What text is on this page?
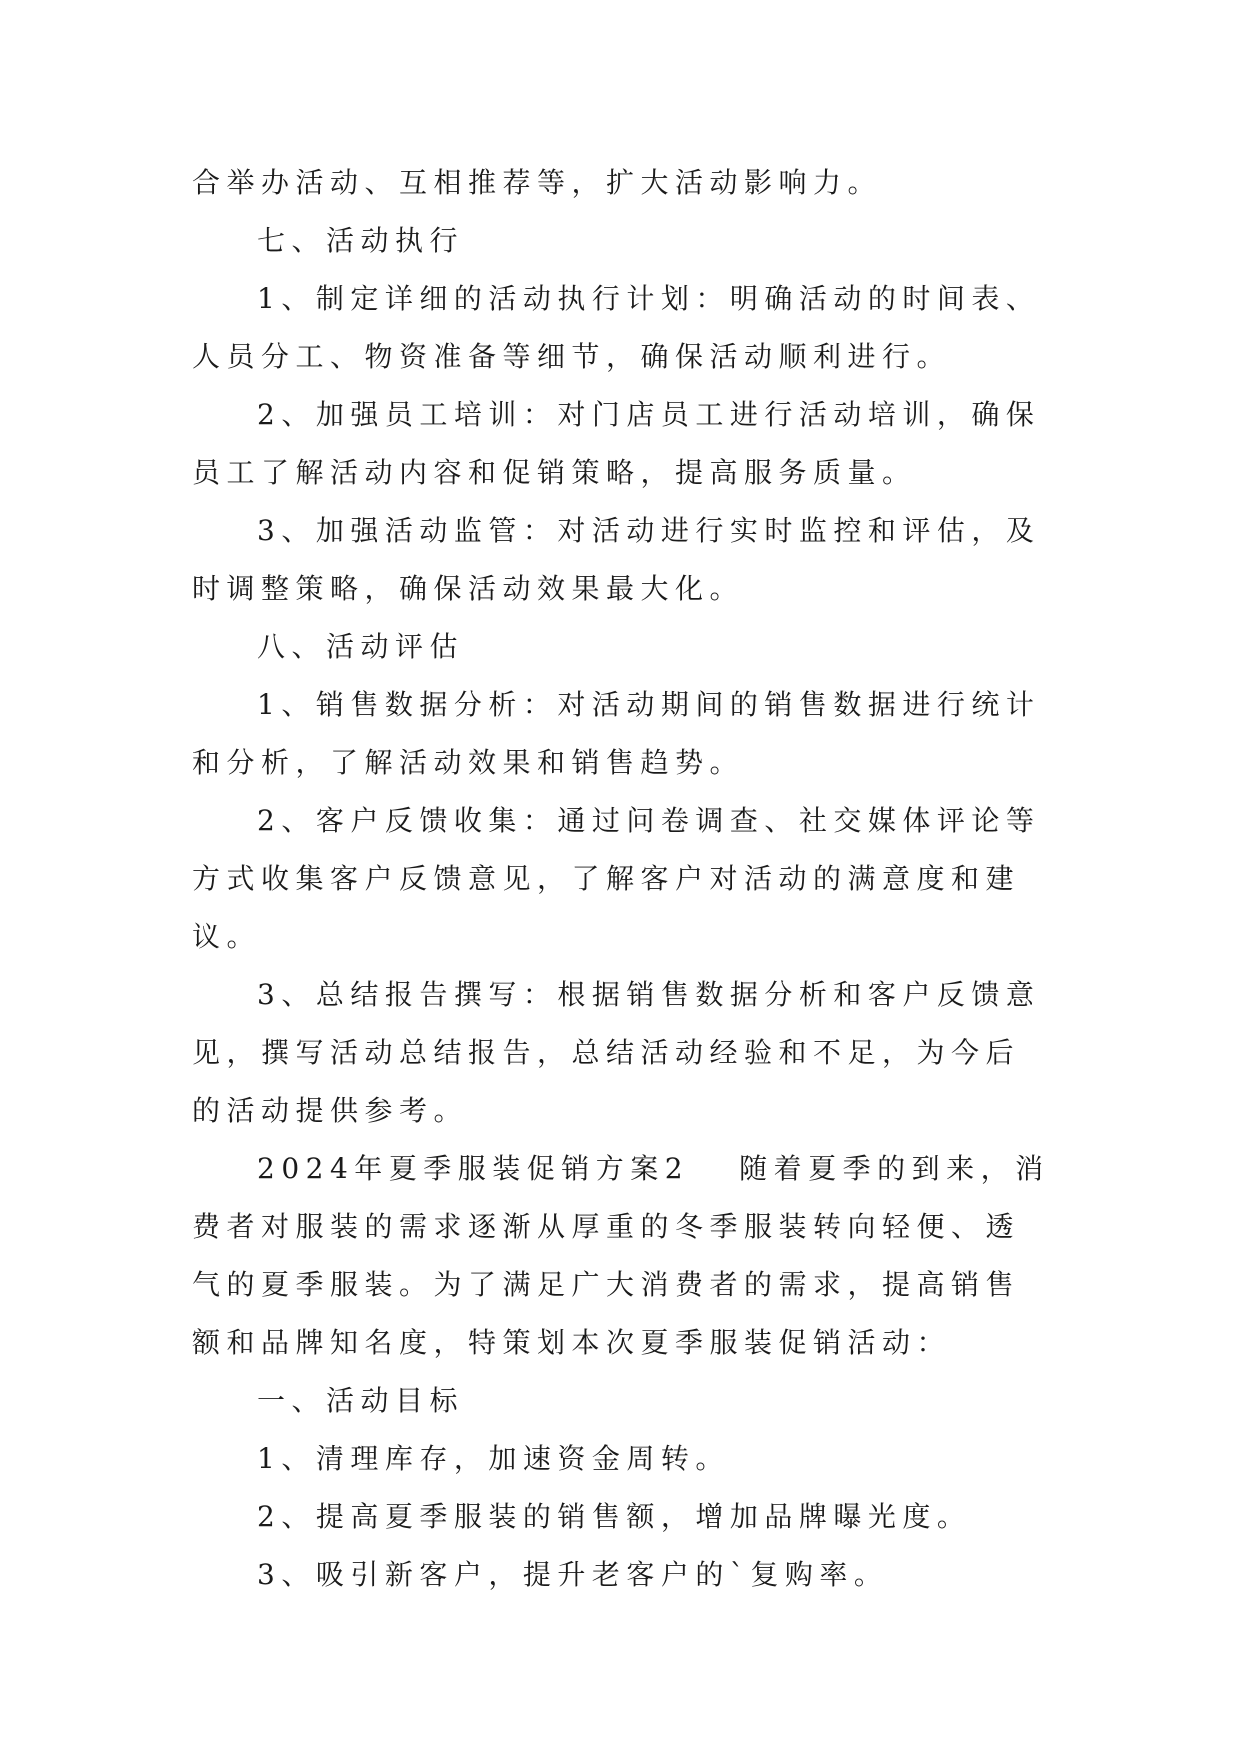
合举办活动、互相推荐等，扩大活动影响力。

七、活动执行

1、制定详细的活动执行计划：明确活动的时间表、人员分工、物资准备等细节，确保活动顺利进行。

2、加强员工培训：对门店员工进行活动培训，确保员工了解活动内容和促销策略，提高服务质量。

3、加强活动监管：对活动进行实时监控和评估，及时调整策略，确保活动效果最大化。

八、活动评估

1、销售数据分析：对活动期间的销售数据进行统计和分析，了解活动效果和销售趋势。

2、客户反馈收集：通过问卷调查、社交媒体评论等方式收集客户反馈意见，了解客户对活动的满意度和建议。

3、总结报告撰写：根据销售数据分析和客户反馈意见，撰写活动总结报告，总结活动经验和不足，为今后的活动提供参考。

2024年夏季服装促销方案2 随着夏季的到来，消费者对服装的需求逐渐从厚重的冬季服装转向轻便、透气的夏季服装。为了满足广大消费者的需求，提高销售额和品牌知名度，特策划本次夏季服装促销活动：

一、活动目标

1、清理库存，加速资金周转。

2、提高夏季服装的销售额，增加品牌曝光度。

3、吸引新客户，提升老客户的`复购率。
